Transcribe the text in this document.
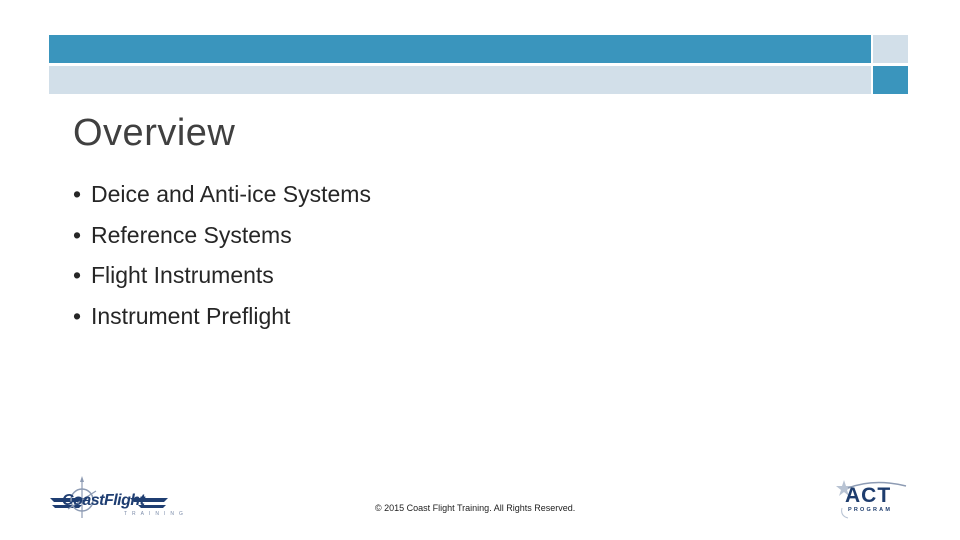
Overview
• Deice and Anti-ice Systems
• Reference Systems
• Flight Instruments
• Instrument Preflight
CoastFlight
TRAINING
© 2015 Coast Flight Training. All Rights Reserved.
ACT
PROGRAM
